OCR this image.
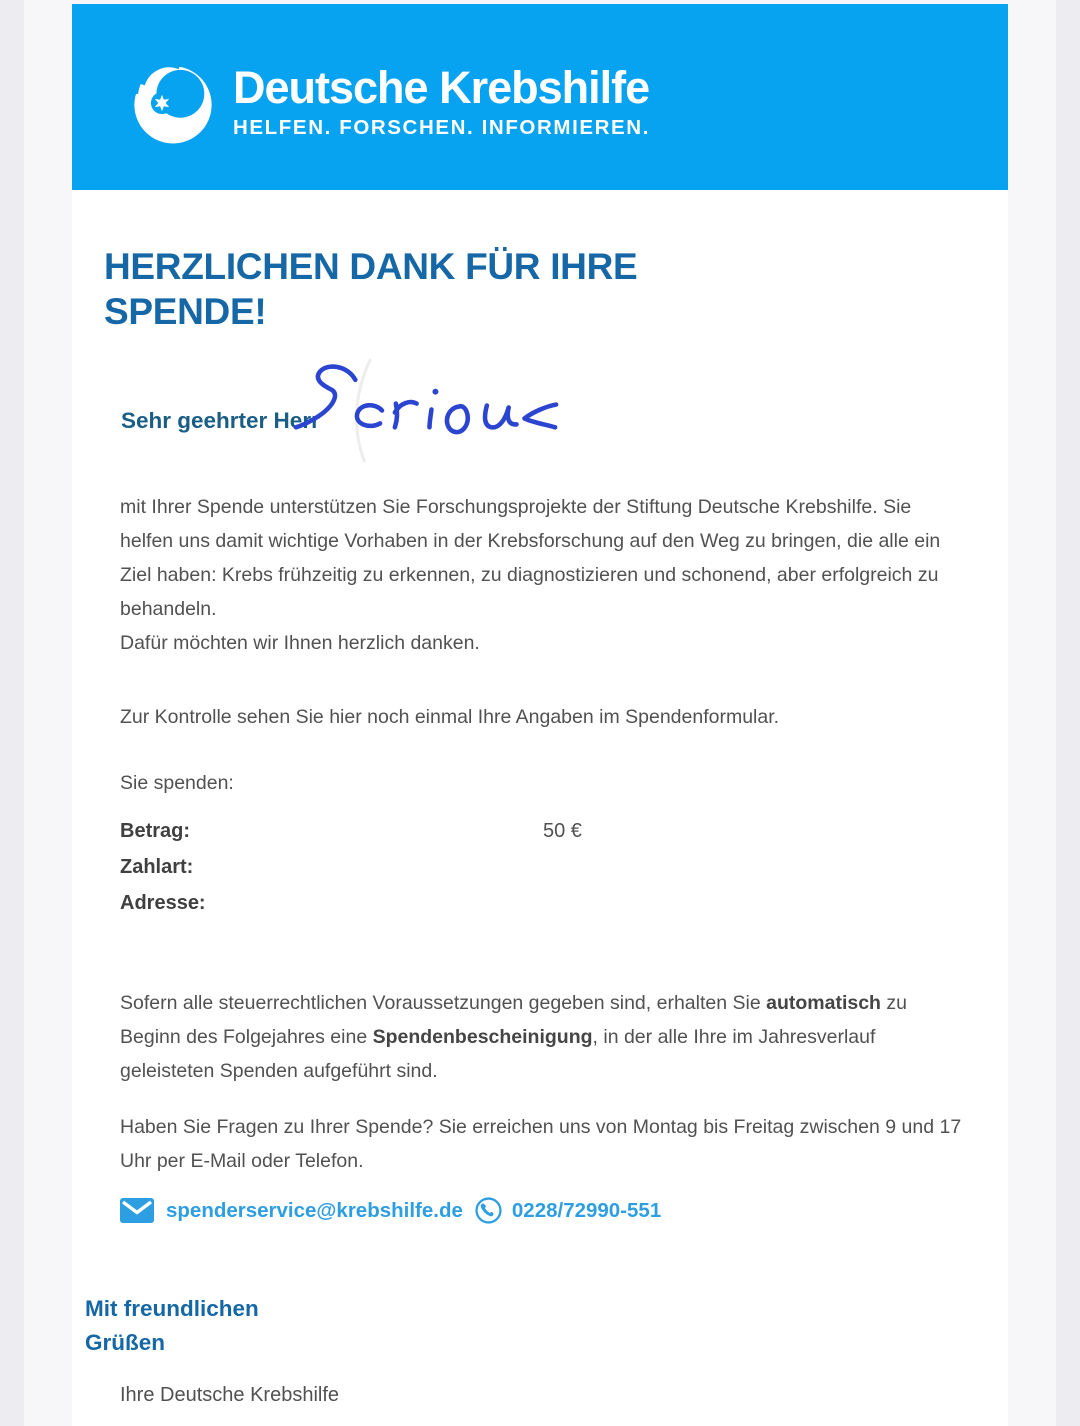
Deutsche Krebshilfe
HELFEN. FORSCHEN. INFORMIEREN.
HERZLICHEN DANK FÜR IHRE
SPENDE!
Sehr geehrter Herr
mit Ihrer Spende unterstützen Sie Forschungsprojekte der Stiftung Deutsche Krebshilfe. Sie helfen uns damit wichtige Vorhaben in der Krebsforschung auf den Weg zu bringen, die alle ein Ziel haben: Krebs frühzeitig zu erkennen, zu diagnostizieren und schonend, aber erfolgreich zu behandeln.
Dafür möchten wir Ihnen herzlich danken.
Zur Kontrolle sehen Sie hier noch einmal Ihre Angaben im Spendenformular.
Sie spenden:
Betrag:	50 €
Zahlart:
Adresse:
Sofern alle steuerrechtlichen Voraussetzungen gegeben sind, erhalten Sie automatisch zu Beginn des Folgejahres eine Spendenbescheinigung, in der alle Ihre im Jahresverlauf geleisteten Spenden aufgeführt sind.
Haben Sie Fragen zu Ihrer Spende? Sie erreichen uns von Montag bis Freitag zwischen 9 und 17 Uhr per E-Mail oder Telefon.
spenderservice@krebshilfe.de 0228/72990-551
Mit freundlichen
Grüßen
Ihre Deutsche Krebshilfe
